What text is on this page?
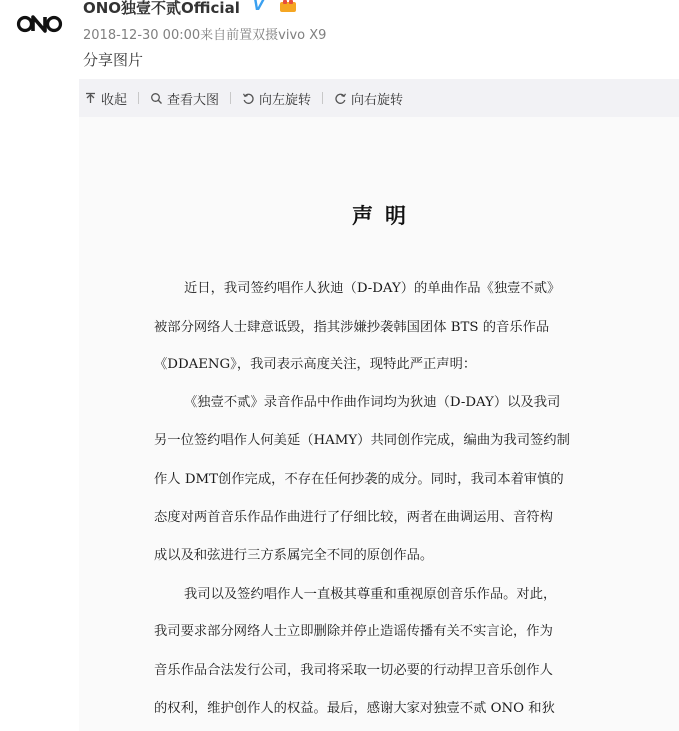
ONO独壹不贰Official V
2018-12-30 00:00来自前置双摄vivo X9
分享图片
收起	查看大图	向左旋转	向右旋转
声明
近日，我司签约唱作人狄迪（D-DAY）的单曲作品《独壹不贰》
被部分网络人士肆意诋毁，指其涉嫌抄袭韩国团体 BTS 的音乐作品
《DDAENG》，我司表示高度关注，现特此严正声明：
《独壹不贰》录音作品中作曲作词均为狄迪（D-DAY）以及我司
另一位签约唱作人何美延（HAMY）共同创作完成，编曲为我司签约制
作人 DMT创作完成，不存在任何抄袭的成分。同时，我司本着审慎的
态度对两首音乐作品作曲进行了仔细比较，两者在曲调运用、音符构
成以及和弦进行三方系属完全不同的原创作品。
我司以及签约唱作人一直极其尊重和重视原创音乐作品。对此，
我司要求部分网络人士立即删除并停止造谣传播有关不实言论，作为
音乐作品合法发行公司，我司将采取一切必要的行动捍卫音乐创作人
的权利，维护创作人的权益。最后，感谢大家对独壹不贰 ONO 和狄
